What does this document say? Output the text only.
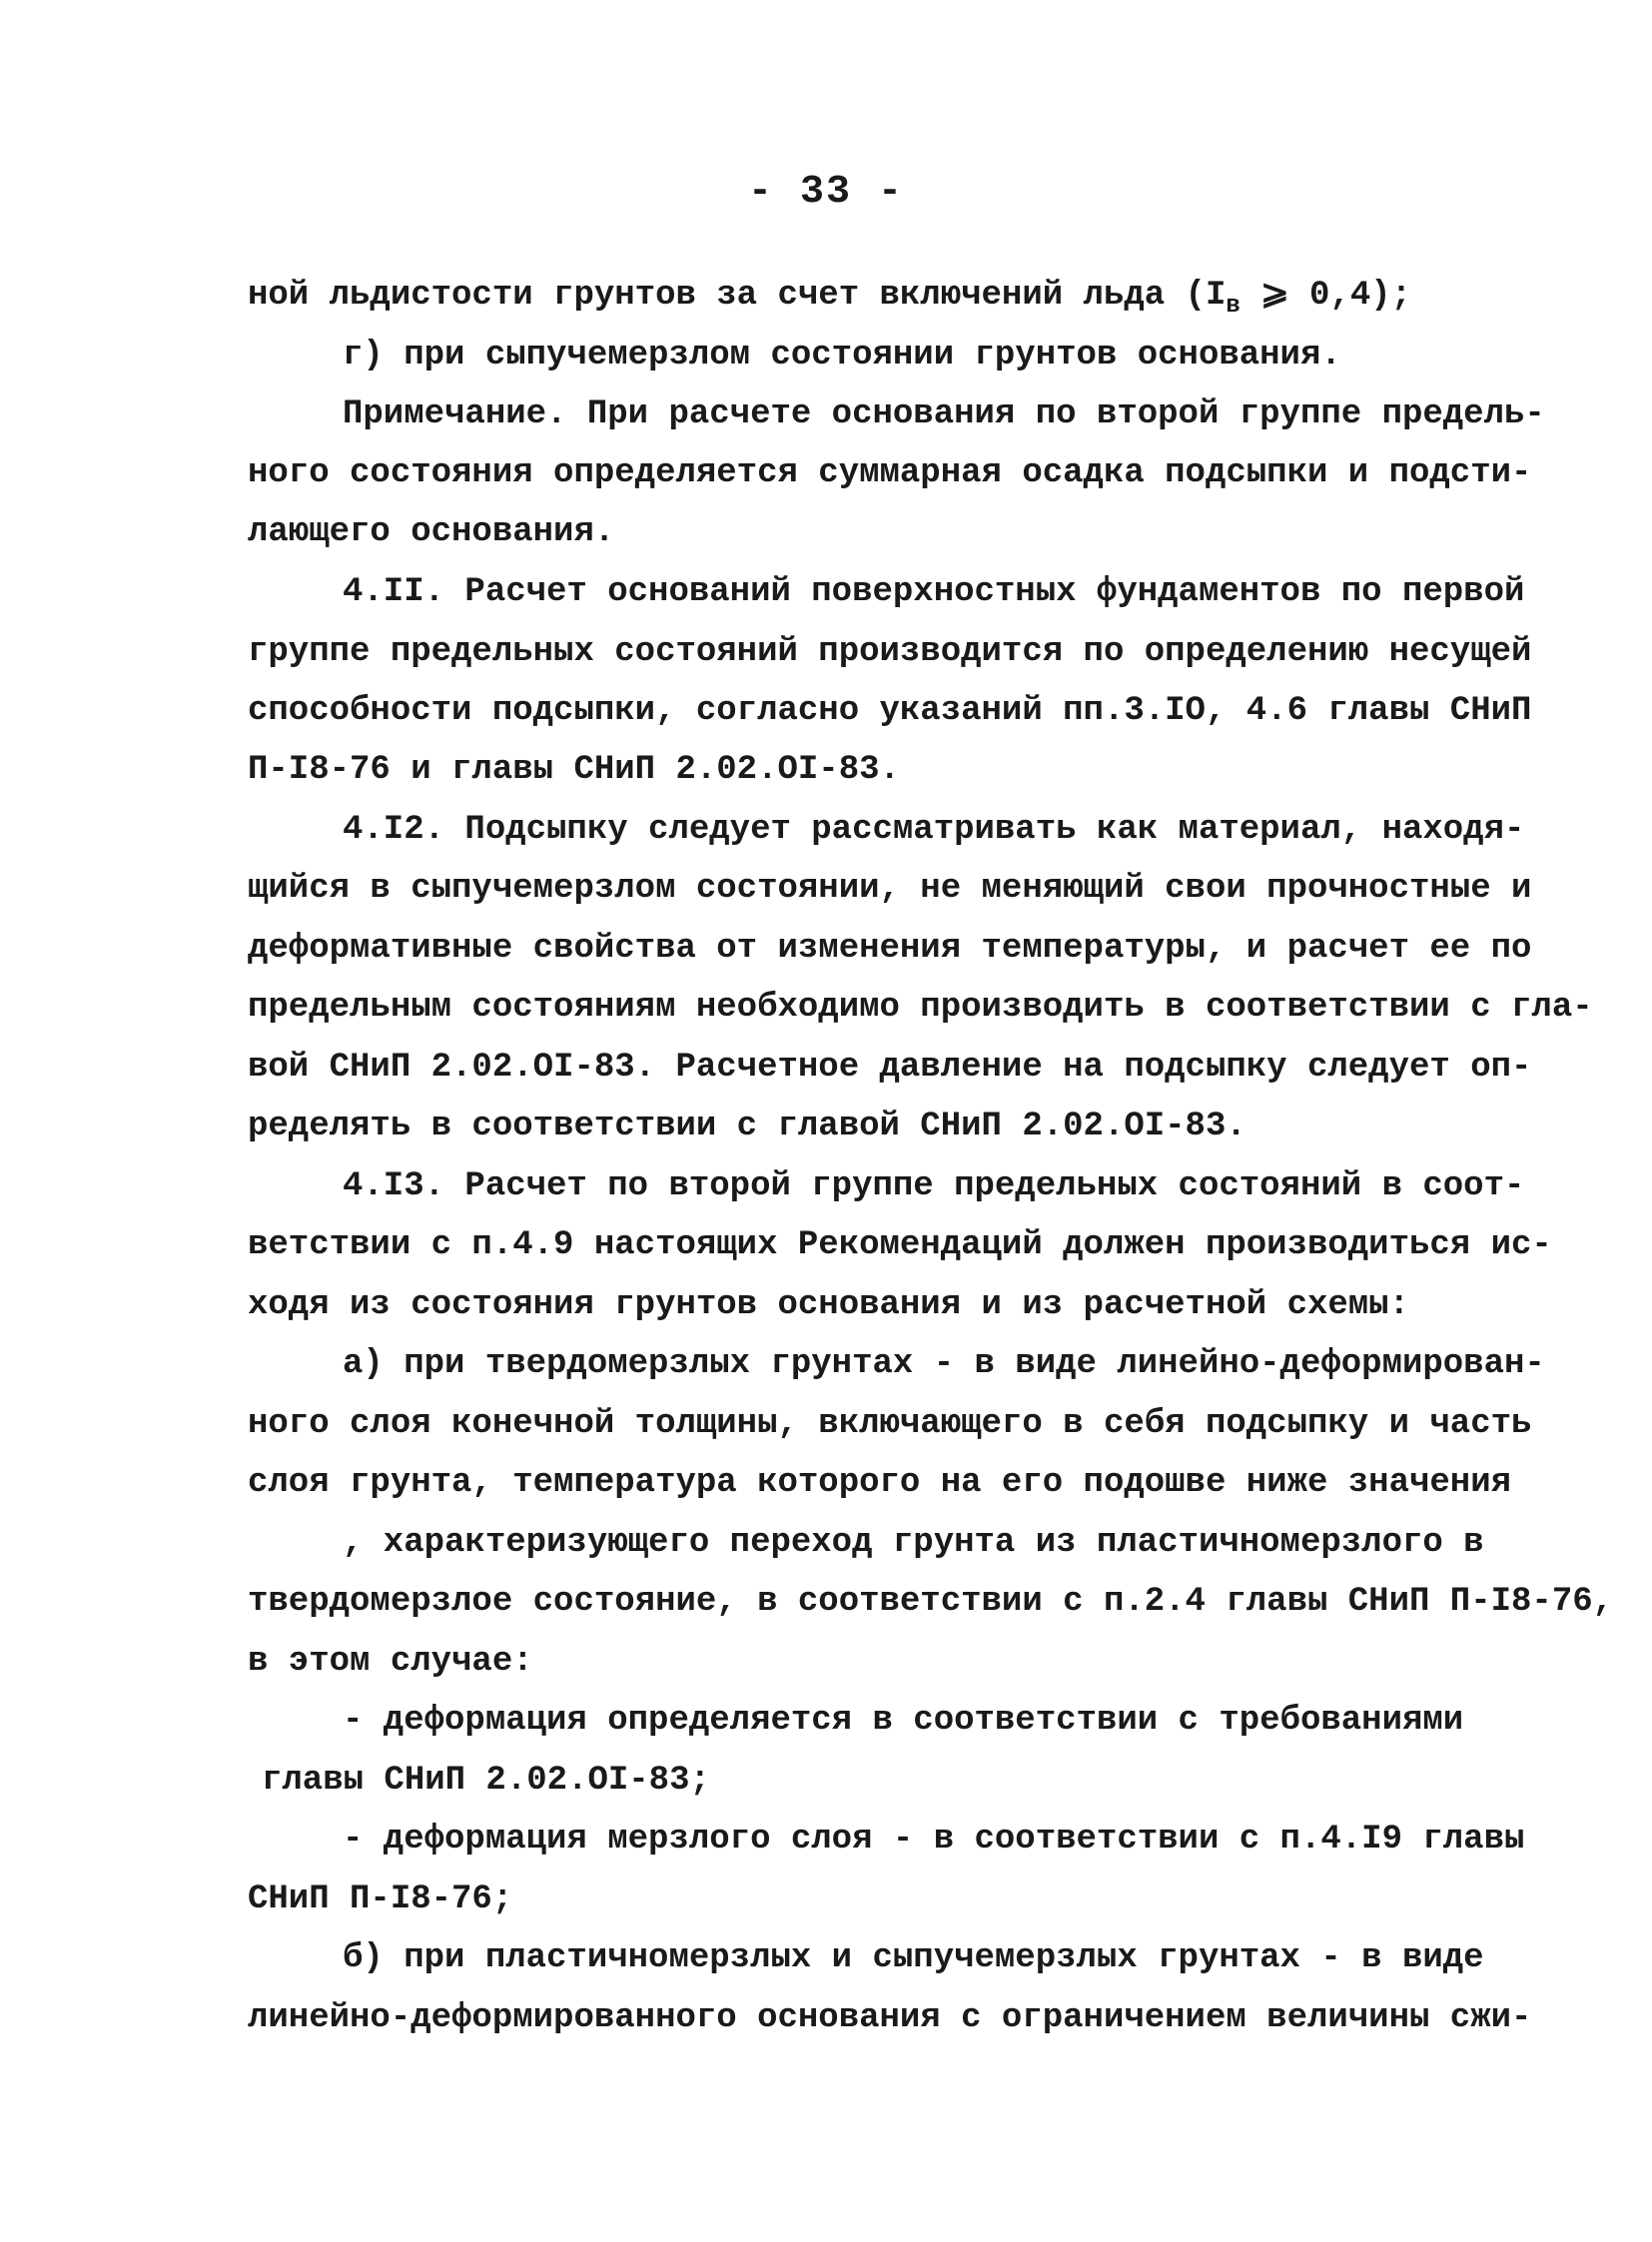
- 33 -
ной льдистости грунтов за счет включений льда ($I_в$ ⩾ 0,4);
г) при сыпучемерзлом состоянии грунтов основания.
Примечание. При расчете основания по второй группе предель-
ного состояния определяется суммарная осадка подсыпки и подсти-
лающего основания.
4.II. Расчет оснований поверхностных фундаментов по первой
группе предельных состояний производится по определению несущей
способности подсыпки, согласно указаний пп.3.IO, 4.6 главы СНиП
П-I8-76 и главы СНиП 2.02.OI-83.
4.I2. Подсыпку следует рассматривать как материал, находя-
щийся в сыпучемерзлом состоянии, не меняющий свои прочностные и
деформативные свойства от изменения температуры, и расчет ее по
предельным состояниям необходимо производить в соответствии с гла-
вой СНиП 2.02.OI-83. Расчетное давление на подсыпку следует оп-
ределять в соответствии с главой СНиП 2.02.OI-83.
4.I3. Расчет по второй группе предельных состояний в соот-
ветствии с п.4.9 настоящих Рекомендаций должен производиться ис-
ходя из состояния грунтов основания и из расчетной схемы:
а) при твердомерзлых грунтах - в виде линейно-деформирован-
ного слоя конечной толщины, включающего в себя подсыпку и часть
слоя грунта, температура которого на его подошве ниже значения
, характеризующего переход грунта из пластичномерзлого в
твердомерзлое состояние, в соответствии с п.2.4 главы СНиП П-I8-76,
в этом случае:
- деформация определяется в соответствии с требованиями
главы СНиП 2.02.OI-83;
- деформация мерзлого слоя - в соответствии с п.4.I9 главы
СНиП П-I8-76;
б) при пластичномерзлых и сыпучемерзлых грунтах - в виде
линейно-деформированного основания с ограничением величины сжи-
